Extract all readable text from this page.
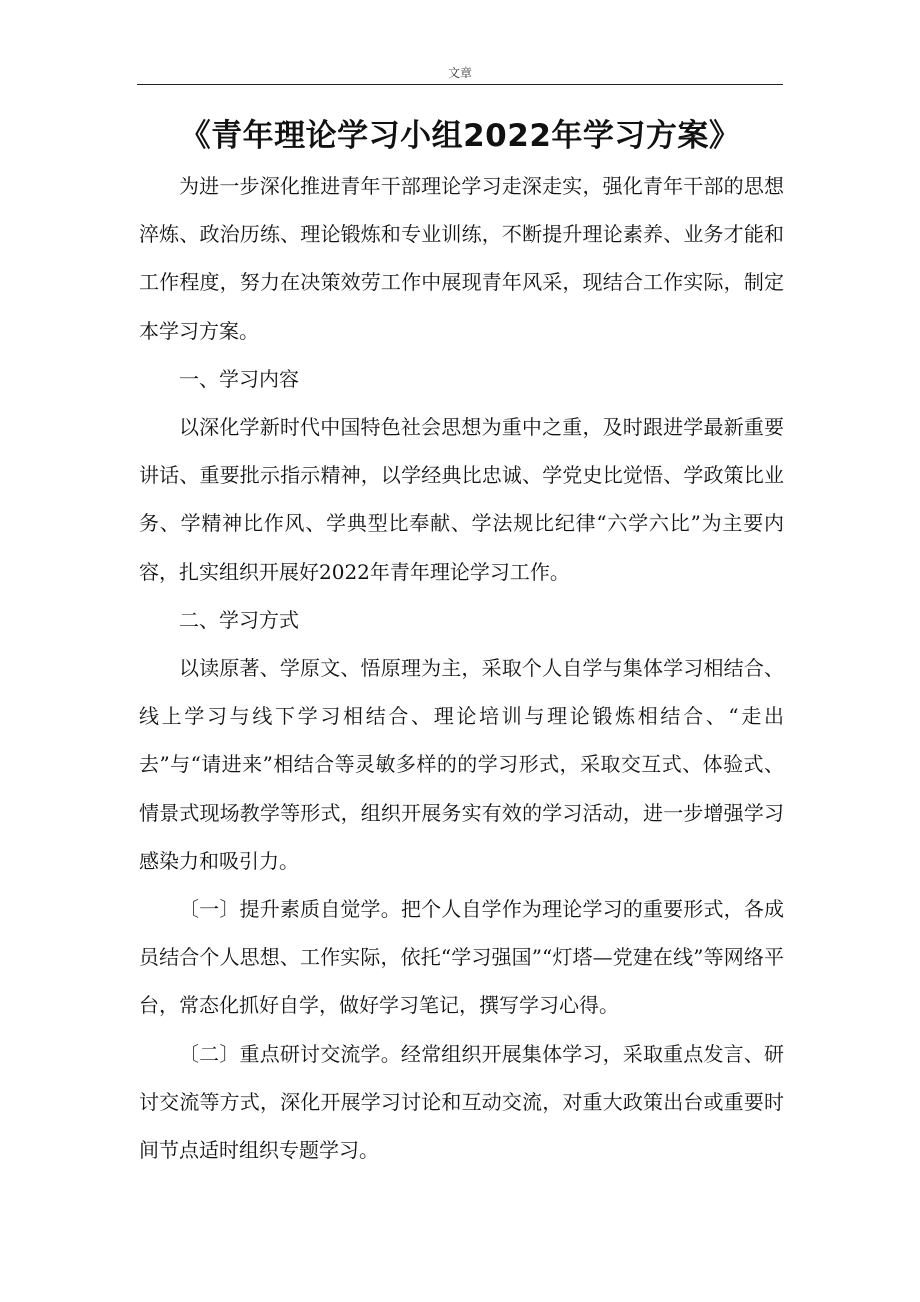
文章
《青年理论学习小组2022年学习方案》

为进一步深化推进青年干部理论学习走深走实，强化青年干部的思想淬炼、政治历练、理论锻炼和专业训练，不断提升理论素养、业务才能和工作程度，努力在决策效劳工作中展现青年风采，现结合工作实际，制定本学习方案。

一、学习内容

以深化学新时代中国特色社会思想为重中之重，及时跟进学最新重要讲话、重要批示指示精神，以学经典比忠诚、学党史比觉悟、学政策比业务、学精神比作风、学典型比奉献、学法规比纪律“六学六比”为主要内容，扎实组织开展好2022年青年理论学习工作。

二、学习方式

以读原著、学原文、悟原理为主，采取个人自学与集体学习相结合、线上学习与线下学习相结合、理论培训与理论锻炼相结合、“走出去”与“请进来”相结合等灵敏多样的的学习形式，采取交互式、体验式、情景式现场教学等形式，组织开展务实有效的学习活动，进一步增强学习感染力和吸引力。

〔一〕提升素质自觉学。把个人自学作为理论学习的重要形式，各成员结合个人思想、工作实际，依托“学习强国”“灯塔—党建在线”等网络平台，常态化抓好自学，做好学习笔记，撰写学习心得。

〔二〕重点研讨交流学。经常组织开展集体学习，采取重点发言、研讨交流等方式，深化开展学习讨论和互动交流，对重大政策出台或重要时间节点适时组织专题学习。
